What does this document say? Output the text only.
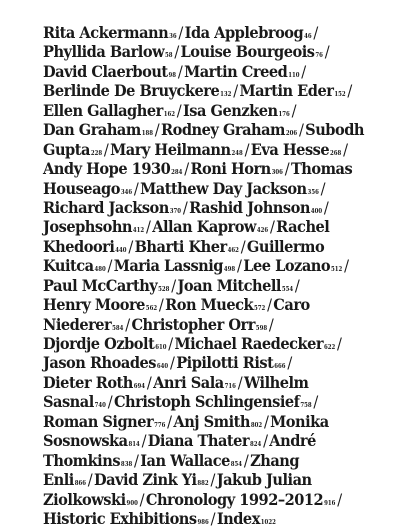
Rita Ackermann36 / Ida Applebroog46 /
Phyllida Barlow58 / Louise Bourgeois76 /
David Claerbout98 / Martin Creed110 /
Berlinde De Bruyckere132 / Martin Eder152 /
Ellen Gallagher162 / Isa Genzken176 /
Dan Graham188 / Rodney Graham206 / Subodh
Gupta228 / Mary Heilmann248 / Eva Hesse268 /
Andy Hope 1930284 / Roni Horn306 / Thomas
Houseago346 / Matthew Day Jackson356 /
Richard Jackson370 / Rashid Johnson400 /
Josephsohn412 / Allan Kaprow426 / Rachel
Khedoori440 / Bharti Kher462 / Guillermo
Kuitca480 / Maria Lassnig498 / Lee Lozano512 /
Paul McCarthy528 / Joan Mitchell554 /
Henry Moore562 / Ron Mueck572 / Caro
Niederer584 / Christopher Orr598 /
Djordje Ozbolt610 / Michael Raedecker622 /
Jason Rhoades640 / Pipilotti Rist666 /
Dieter Roth694 / Anri Sala716 / Wilhelm
Sasnal740 / Christoph Schlingensief758 /
Roman Signer776 / Anj Smith802 / Monika
Sosnowska814 / Diana Thater824 / André
Thomkins838 / Ian Wallace854 / Zhang
Enli866 / David Zink Yi882 / Jakub Julian
Ziolkowski900 / Chronology 1992–2012916 /
Historic Exhibitions986 / Index1022
